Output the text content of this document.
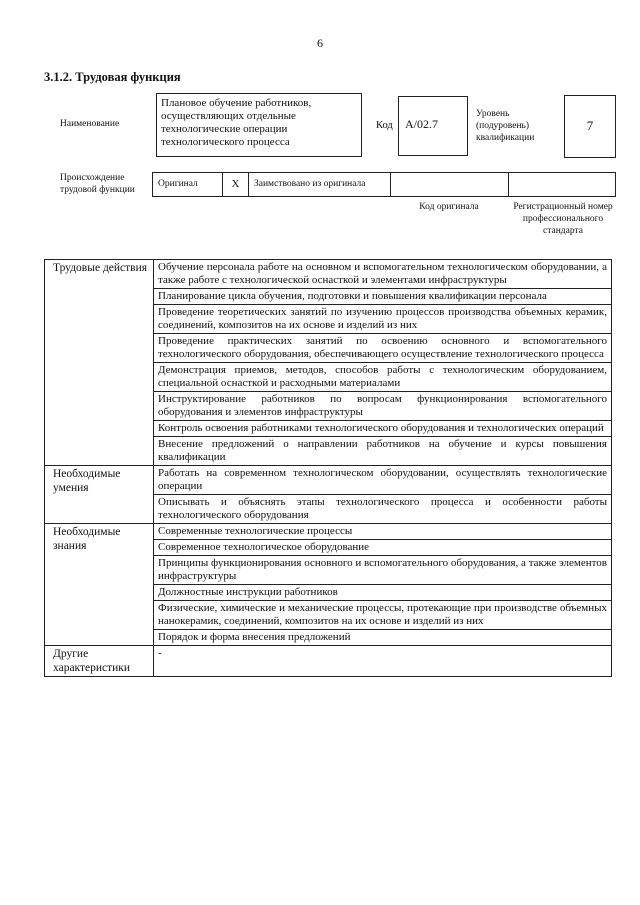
6
3.1.2. Трудовая функция
Наименование
Плановое обучение работников, осуществляющих отдельные технологические операции технологического процесса
Код	А/02.7
Уровень (подуровень) квалификации
7
Происхождение трудовой функции
Оригинал	X	Заимствовано из оригинала
Код оригинала	Регистрационный номер профессионального стандарта
Трудовые действия	Обучение персонала работе на основном и вспомогательном технологическом оборудовании, а также работе с технологической оснасткой и элементами инфраструктуры
	Планирование цикла обучения, подготовки и повышения квалификации персонала
	Проведение теоретических занятий по изучению процессов производства объемных керамик, соединений, композитов на их основе и изделий из них
	Проведение практических занятий по освоению основного и вспомогательного технологического оборудования, обеспечивающего осуществление технологического процесса
	Демонстрация приемов, методов, способов работы с технологическим оборудованием, специальной оснасткой и расходными материалами
	Инструктирование работников по вопросам функционирования вспомогательного оборудования и элементов инфраструктуры
	Контроль освоения работниками технологического оборудования и технологических операций
	Внесение предложений о направлении работников на обучение и курсы повышения квалификации
Необходимые умения	Работать на современном технологическом оборудовании, осуществлять технологические операции
	Описывать и объяснять этапы технологического процесса и особенности работы технологического оборудования
Необходимые знания	Современные технологические процессы
	Современное технологическое оборудование
	Принципы функционирования основного и вспомогательного оборудования, а также элементов инфраструктуры
	Должностные инструкции работников
	Физические, химические и механические процессы, протекающие при производстве объемных нанокерамик, соединений, композитов на их основе и изделий из них
	Порядок и форма внесения предложений
Другие характеристики	-
